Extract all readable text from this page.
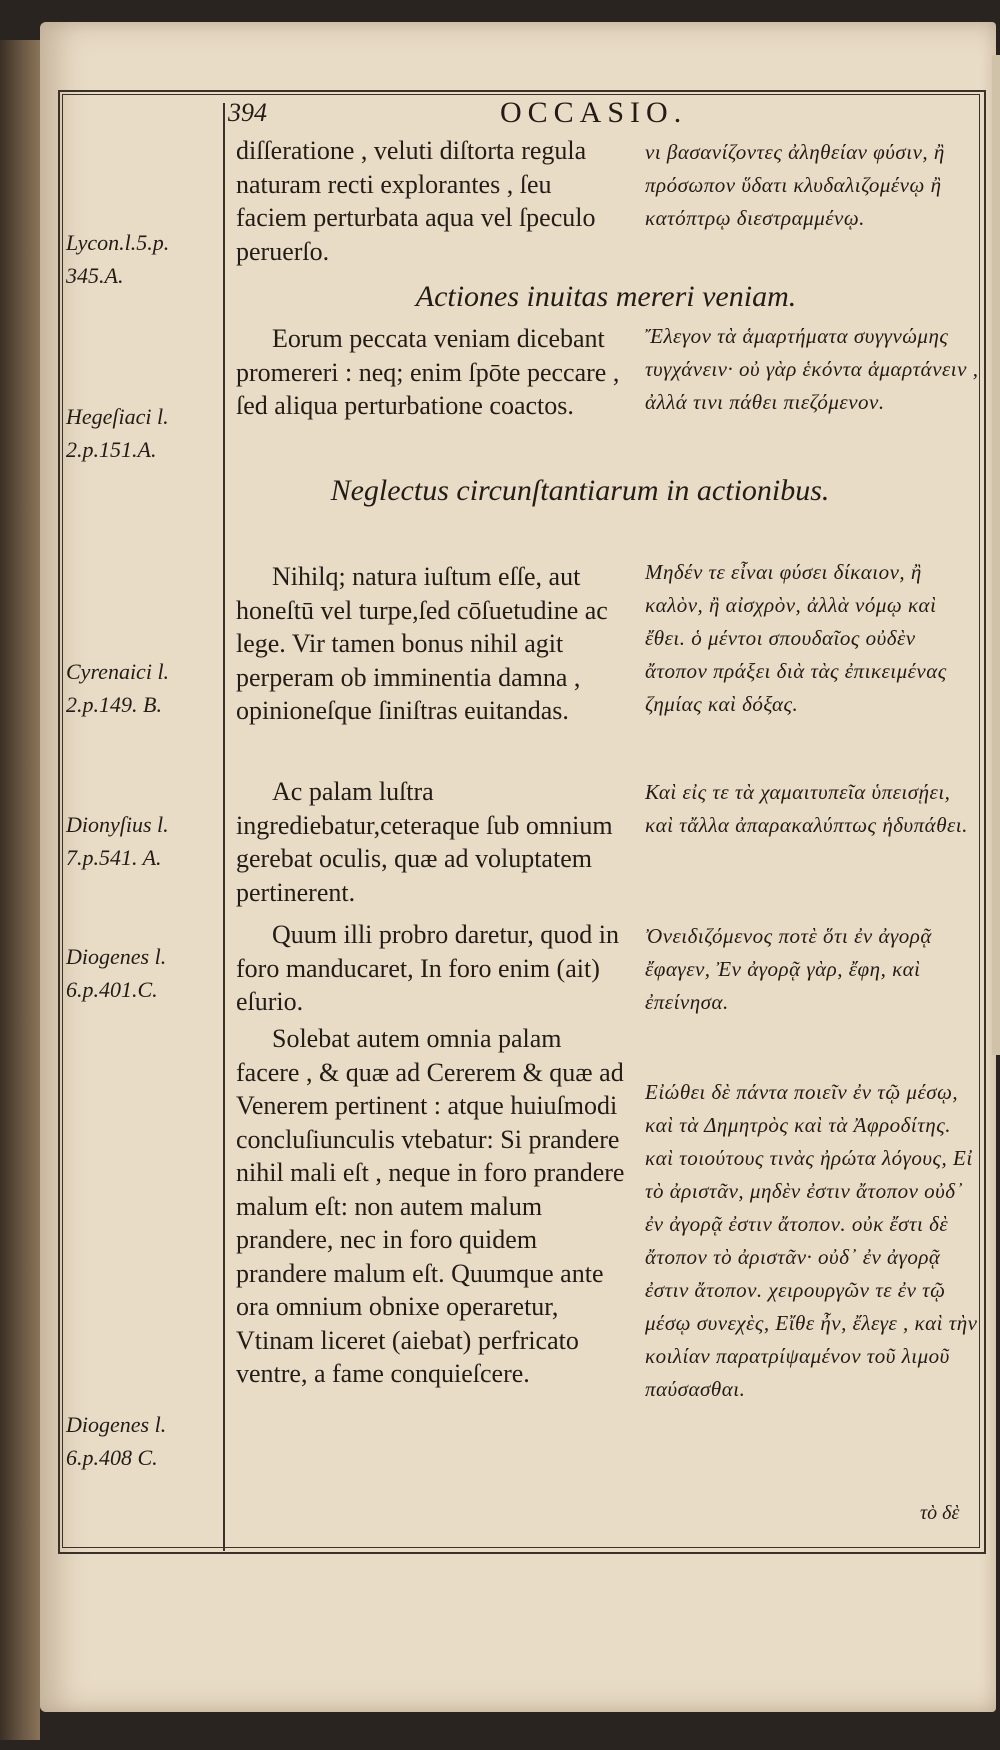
394	OCCASIO.
diſſeratione , veluti diſtorta regula naturam recti explorantes , ſeu faciem perturbata aqua vel ſpeculo peruerſo.
νι βασανίζοντες ἀληθείαν φύσιν, ἢ πρόσωπον ὕδατι κλυδαλιζομένῳ ἢ κατόπτρῳ διεστραμμένῳ.
Lycon.l.5.p. 345.A.
Actiones inuitas mereri veniam.
Eorum peccata veniam dicebant promereri : neq; enim ſpōte peccare , ſed aliqua perturbatione coactos.
Ἔλεγον τὰ ἁμαρτήματα συγγνώμης τυγχάνειν· οὐ γὰρ ἑκόντα ἁμαρτάνειν , ἀλλά τινι πάθει πιεζόμενον.
Hegeſiaci l. 2.p.151.A.
Neglectus circunſtantiarum in actionibus.
Nihilq; natura iuſtum eſſe, aut honeſtū vel turpe,ſed cōſuetudine ac lege. Vir tamen bonus nihil agit perperam ob imminentia damna , opinioneſque ſiniſtras euitandas.
Μηδέν τε εἶναι φύσει δίκαιον, ἢ καλὸν, ἢ αἰσχρὸν, ἀλλὰ νόμῳ καὶ ἔθει. ὁ μέντοι σπουδαῖος οὐδὲν ἄτοπον πράξει διὰ τὰς ἐπικειμένας ζημίας καὶ δόξας.
Cyrenaici l. 2.p.149. B.
Ac palam luſtra ingrediebatur,ceteraque ſub omnium gerebat oculis, quæ ad voluptatem pertinerent.
Καὶ εἰς τε τὰ χαμαιτυπεῖα ὑπεισῄει, καὶ τἄλλα ἀπαρακαλύπτως ἡδυπάθει.
Dionyſius l. 7.p.541. A.
Quum illi probro daretur, quod in foro manducaret, In foro enim (ait) eſurio.
Ὀνειδιζόμενος ποτὲ ὅτι ἐν ἀγορᾷ ἔφαγεν, Ἐν ἀγορᾷ γὰρ, ἔφη, καὶ ἐπείνησα.
Diogenes l. 6.p.401.C.
Solebat autem omnia palam facere , & quæ ad Cererem & quæ ad Venerem pertinent : atque huiuſmodi concluſiunculis vtebatur: Si prandere nihil mali eſt , neque in foro prandere malum eſt: non autem malum prandere, nec in foro quidem prandere malum eſt. Quumque ante ora omnium obnixe operaretur, Vtinam liceret (aiebat) perfricato ventre, a fame conquieſcere.
Εἰώθει δὲ πάντα ποιεῖν ἐν τῷ μέσῳ, καὶ τὰ Δημητρὸς καὶ τὰ Ἀφροδίτης. καὶ τοιούτους τινὰς ἠρώτα λόγους, Εἰ τὸ ἀριστᾶν, μηδὲν ἐστιν ἄτοπον οὐδ᾽ ἐν ἀγορᾷ ἐστιν ἄτοπον. οὐκ ἔστι δὲ ἄτοπον τὸ ἀριστᾶν· οὐδ᾽ ἐν ἀγορᾷ ἐστιν ἄτοπον. χειρουργῶν τε ἐν τῷ μέσῳ συνεχὲς, Εἴθε ἦν, ἔλεγε , καὶ τὴν κοιλίαν παρατρίψαμένον τοῦ λιμοῦ παύσασθαι.
Diogenes l. 6.p.408 C.
τὸ δὲ
